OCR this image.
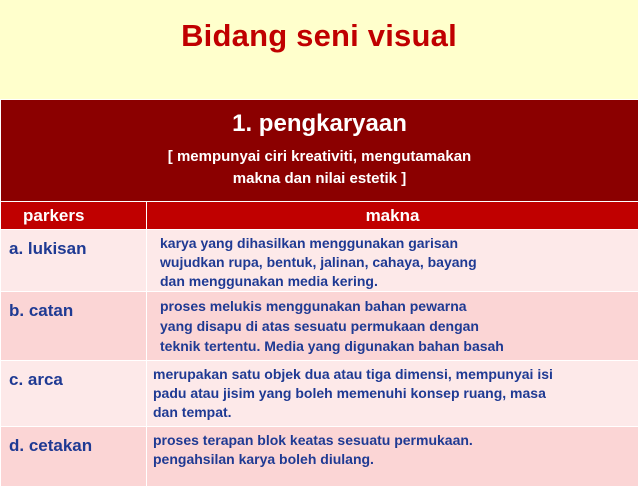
Bidang seni visual
1. pengkaryaan
[ mempunyai ciri kreativiti, mengutamakan
makna dan nilai estetik ]	

parkers	makna
a. lukisan	karya yang dihasilkan menggunakan garisan
wujudkan rupa, bentuk, jalinan, cahaya, bayang
dan menggunakan media kering.

b. catan	proses melukis menggunakan bahan pewarna
yang disapu di atas sesuatu permukaan dengan
teknik tertentu. Media yang digunakan bahan basah

c. arca	merupakan satu objek dua atau tiga dimensi, mempunyai isi
padu atau jisim yang boleh memenuhi konsep ruang, masa
dan tempat.

d. cetakan	proses terapan blok keatas sesuatu permukaan.
pengahsilan karya boleh diulang.
